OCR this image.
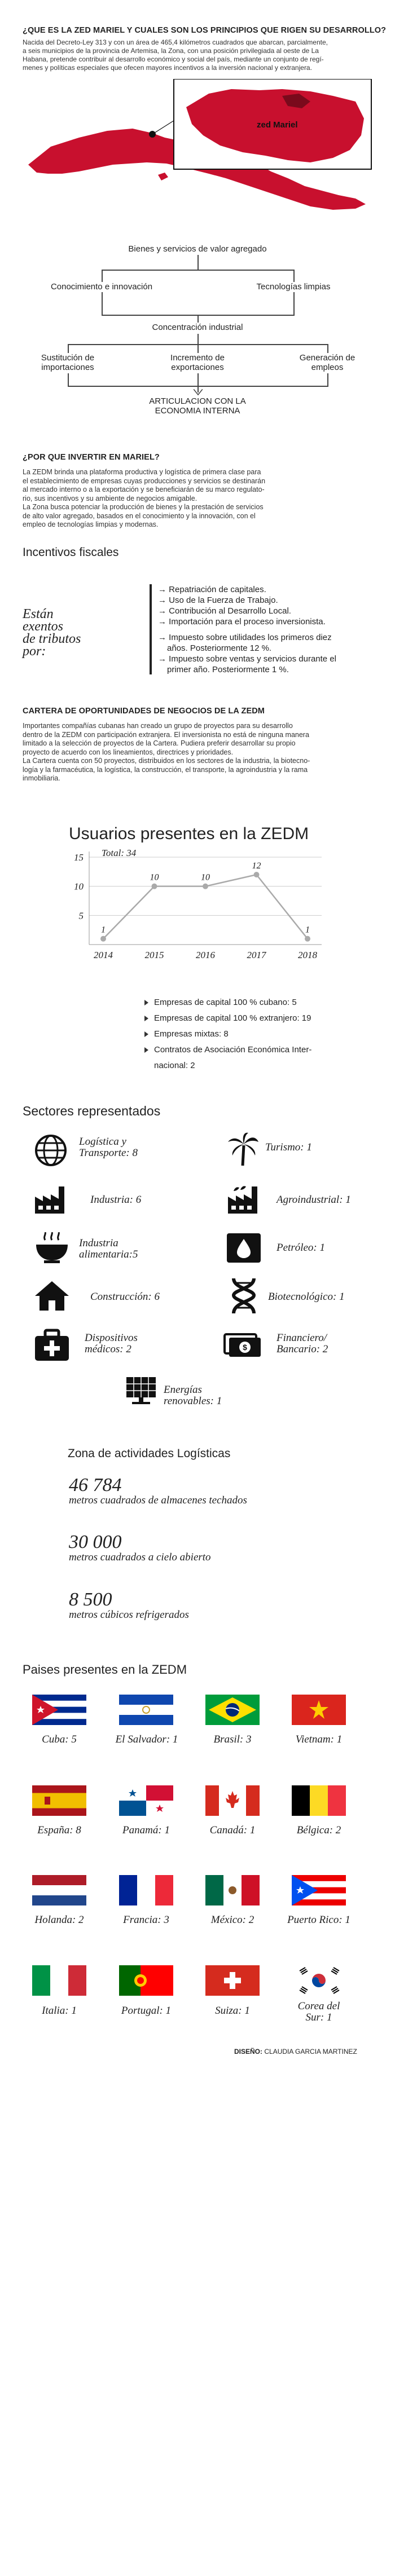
¿QUE ES LA ZED MARIEL Y CUALES SON LOS PRINCIPIOS QUE RIGEN SU DESARROLLO?
Nacida del Decreto-Ley 313 y con un área de 465,4 kilómetros cuadrados que abarcan, parcialmente,
a seis municipios de la provincia de Artemisa, la Zona, con una posición privilegiada al oeste de La
Habana, pretende contribuir al desarrollo económico y social del país, mediante un conjunto de regí-
menes y políticas especiales que ofecen mayores incentivos a la inversión nacional y extranjera.
zed Mariel
Bienes y servicios de valor agregado
Conocimiento e innovación	Tecnologías limpias
Concentración industrial
Sustitución de
importaciones
Incremento de
exportaciones
Generación de
empleos
ARTICULACION CON LA
ECONOMIA INTERNA
¿POR QUE INVERTIR EN MARIEL?
La ZEDM brinda una plataforma productiva y logística de primera clase para
el establecimiento de empresas cuyas producciones y servicios se destinarán
al mercado interno o a la exportación y se beneficiarán de su marco regulato-
rio, sus incentivos y su ambiente de negocios amigable.
La Zona busca potenciar la producción de bienes y la prestación de servicios
de alto valor agregado, basados en el conocimiento y la innovación, con el
empleo de tecnologías limpias y modernas.
Incentivos fiscales
Están
exentos
de tributos
por:
→ Repatriación de capitales.
→ Uso de la Fuerza de Trabajo.
→ Contribución al Desarrollo Local.
→ Importación para el proceso inversionista.
→ Impuesto sobre utilidades los primeros diez
años. Posteriormente 12 %.
→ Impuesto sobre ventas y servicios durante el
primer año. Posteriormente 1 %.
CARTERA DE OPORTUNIDADES DE NEGOCIOS DE LA ZEDM
Importantes compañías cubanas han creado un grupo de proyectos para su desarrollo
dentro de la ZEDM con participación extranjera. El inversionista no está de ninguna manera
limitado a la selección de proyectos de la Cartera. Pudiera preferir desarrollar su propio
proyecto de acuerdo con los lineamientos, directrices y prioridades.
La Cartera cuenta con 50 proyectos, distribuidos en los sectores de la industria, la biotecno-
logía y la farmacéutica, la logística, la construcción, el transporte, la agroindustria y la rama
inmobiliaria.
Usuarios presentes en la ZEDM
5
10
15 Total: 34
1
2014
10
2015
10
2016
12
2017
1
2018
Empresas de capital 100 % cubano: 5
Empresas de capital 100 % extranjero: 19
Empresas mixtas: 8
Contratos de Asociación Económica Inter-
nacional: 2
Sectores representados
Logística y
Transporte: 8	Turismo: 1
Industria: 6	Agroindustrial: 1
Industria
alimentaria:5
Petróleo: 1
Construcción: 6	Biotecnológico: 1
Dispositivos
médicos: 2	$
Financiero/
Bancario: 2
Energías
renovables: 1
Zona de actividades Logísticas
46 784
metros cuadrados de almacenes techados
30 000
metros cuadrados a cielo abierto
8 500
metros cúbicos refrigerados
Paises presentes en la ZEDM
Cuba: 5	El Salvador: 1	Brasil: 3	Vietnam: 1
España: 8	Panamá: 1	Canadá: 1	Bélgica: 2
Holanda: 2	Francia: 3	México: 2	Puerto Rico: 1
Italia: 1	Portugal: 1	Suiza: 1	Corea del
Sur: 1
DISEÑO: CLAUDIA GARCIA MARTINEZ
